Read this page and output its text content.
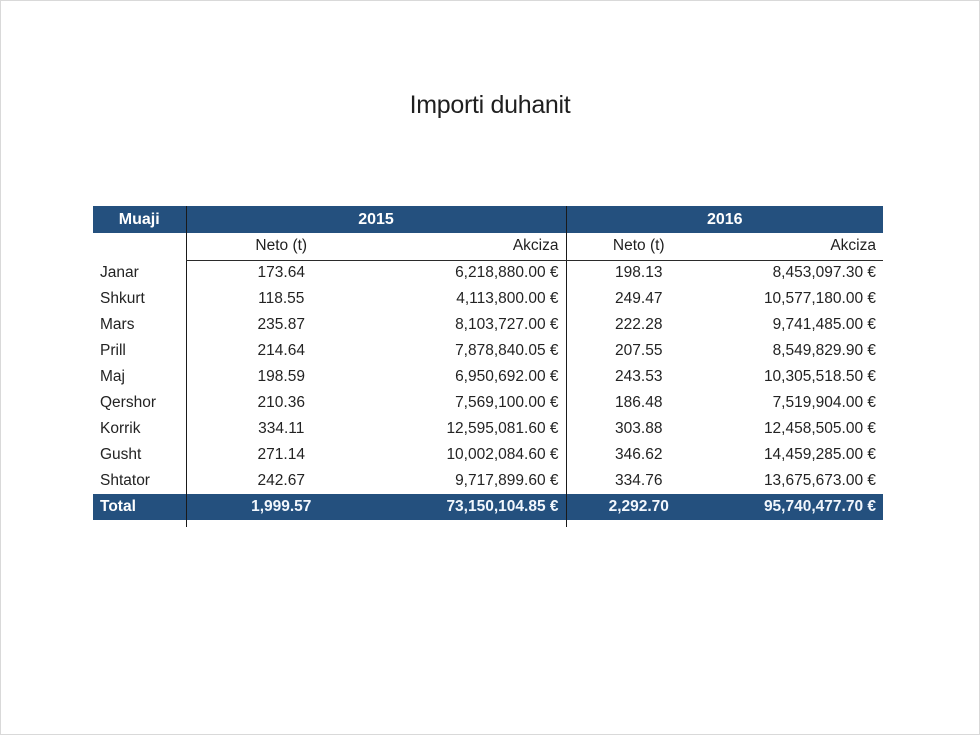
Importi duhanit
Muaji	2015		2016	
	Neto (t)	Akciza	Neto (t)	Akciza
Janar	173.64	6,218,880.00 €	198.13	8,453,097.30 €
Shkurt	118.55	4,113,800.00 €	249.47	10,577,180.00 €
Mars	235.87	8,103,727.00 €	222.28	9,741,485.00 €
Prill	214.64	7,878,840.05 €	207.55	8,549,829.90 €
Maj	198.59	6,950,692.00 €	243.53	10,305,518.50 €
Qershor	210.36	7,569,100.00 €	186.48	7,519,904.00 €
Korrik	334.11	12,595,081.60 €	303.88	12,458,505.00 €
Gusht	271.14	10,002,084.60 €	346.62	14,459,285.00 €
Shtator	242.67	9,717,899.60 €	334.76	13,675,673.00 €
Total	1,999.57	73,150,104.85 €	2,292.70	95,740,477.70 €
